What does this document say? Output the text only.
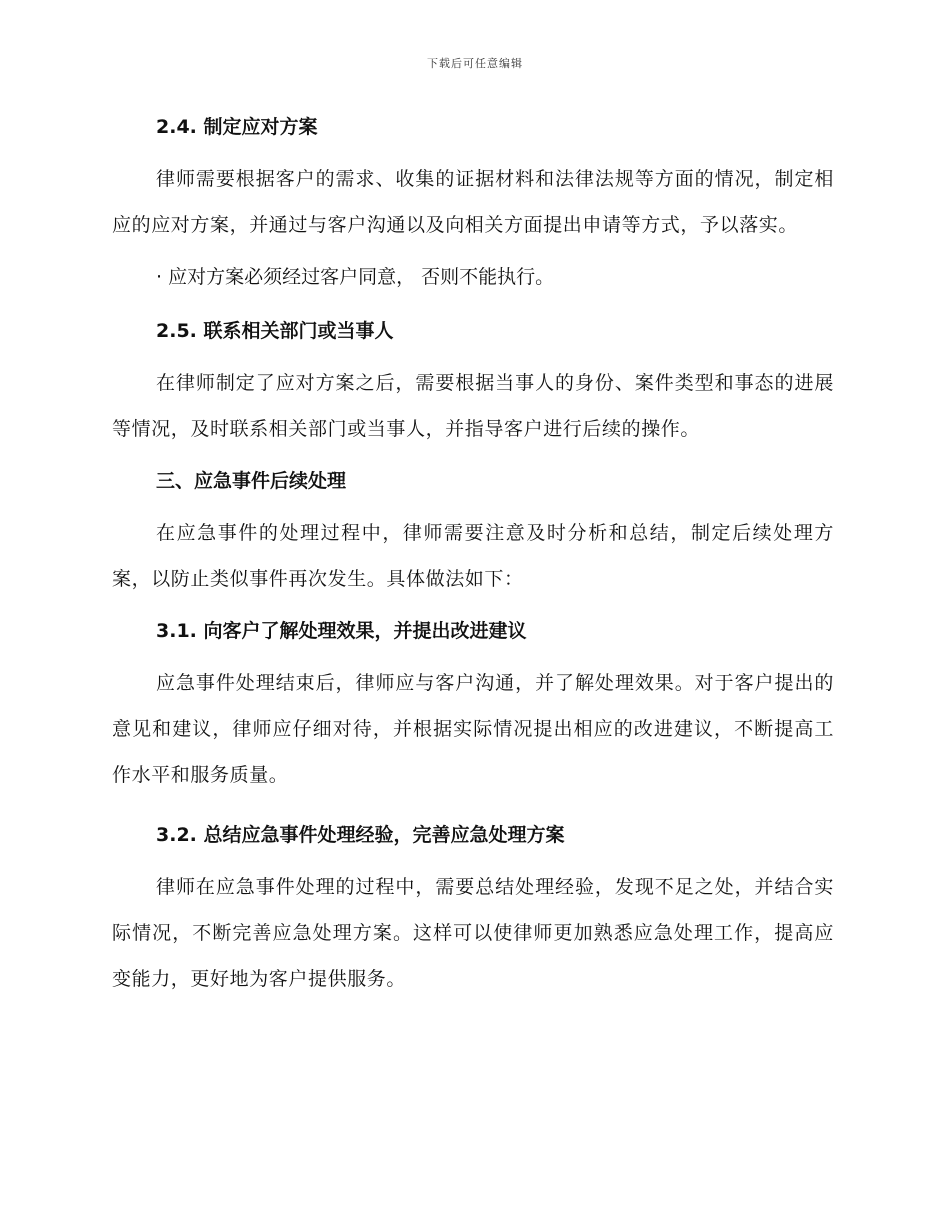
下载后可任意编辑
2.4. 制定应对方案

律师需要根据客户的需求、收集的证据材料和法律法规等方面的情况，制定相应的应对方案，并通过与客户沟通以及向相关方面提出申请等方式，予以落实。

· 应对方案必须经过客户同意， 否则不能执行。

2.5. 联系相关部门或当事人

在律师制定了应对方案之后，需要根据当事人的身份、案件类型和事态的进展等情况，及时联系相关部门或当事人，并指导客户进行后续的操作。

三、应急事件后续处理

在应急事件的处理过程中，律师需要注意及时分析和总结，制定后续处理方案，以防止类似事件再次发生。具体做法如下：

3.1. 向客户了解处理效果，并提出改进建议

应急事件处理结束后，律师应与客户沟通，并了解处理效果。对于客户提出的意见和建议，律师应仔细对待，并根据实际情况提出相应的改进建议，不断提高工作水平和服务质量。

3.2. 总结应急事件处理经验，完善应急处理方案

律师在应急事件处理的过程中，需要总结处理经验，发现不足之处，并结合实际情况，不断完善应急处理方案。这样可以使律师更加熟悉应急处理工作，提高应变能力，更好地为客户提供服务。
